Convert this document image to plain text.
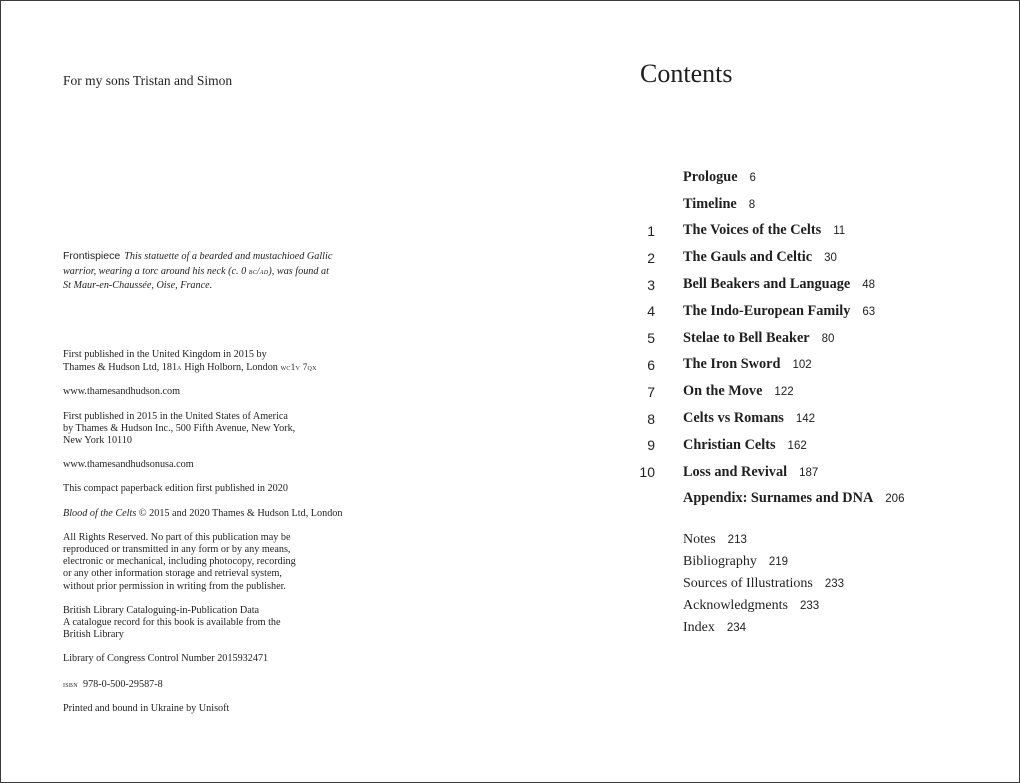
For my sons Tristan and Simon
Frontispiece This statuette of a bearded and mustachioed Gallic
warrior, wearing a torc around his neck (c. 0 bc/ad), was found at
St Maur-en-Chaussée, Oise, France.

First published in the United Kingdom in 2015 by
Thames & Hudson Ltd, 181a High Holborn, London wc1v 7qx

www.thamesandhudson.com

First published in 2015 in the United States of America
by Thames & Hudson Inc., 500 Fifth Avenue, New York,
New York 10110

www.thamesandhudsonusa.com

This compact paperback edition first published in 2020

Blood of the Celts © 2015 and 2020 Thames & Hudson Ltd, London

All Rights Reserved. No part of this publication may be
reproduced or transmitted in any form or by any means,
electronic or mechanical, including photocopy, recording
or any other information storage and retrieval system,
without prior permission in writing from the publisher.

British Library Cataloguing-in-Publication Data
A catalogue record for this book is available from the
British Library

Library of Congress Control Number 2015932471

isbn 978-0-500-29587-8

Printed and bound in Ukraine by Unisoft

Contents
Prologue 6
Timeline 8
1 The Voices of the Celts 11
2 The Gauls and Celtic 30
3 Bell Beakers and Language 48
4 The Indo-European Family 63
5 Stelae to Bell Beaker 80
6 The Iron Sword 102
7 On the Move 122
8 Celts vs Romans 142
9 Christian Celts 162
10 Loss and Revival 187
Appendix: Surnames and DNA 206
Notes 213
Bibliography 219
Sources of Illustrations 233
Acknowledgments 233
Index 234
